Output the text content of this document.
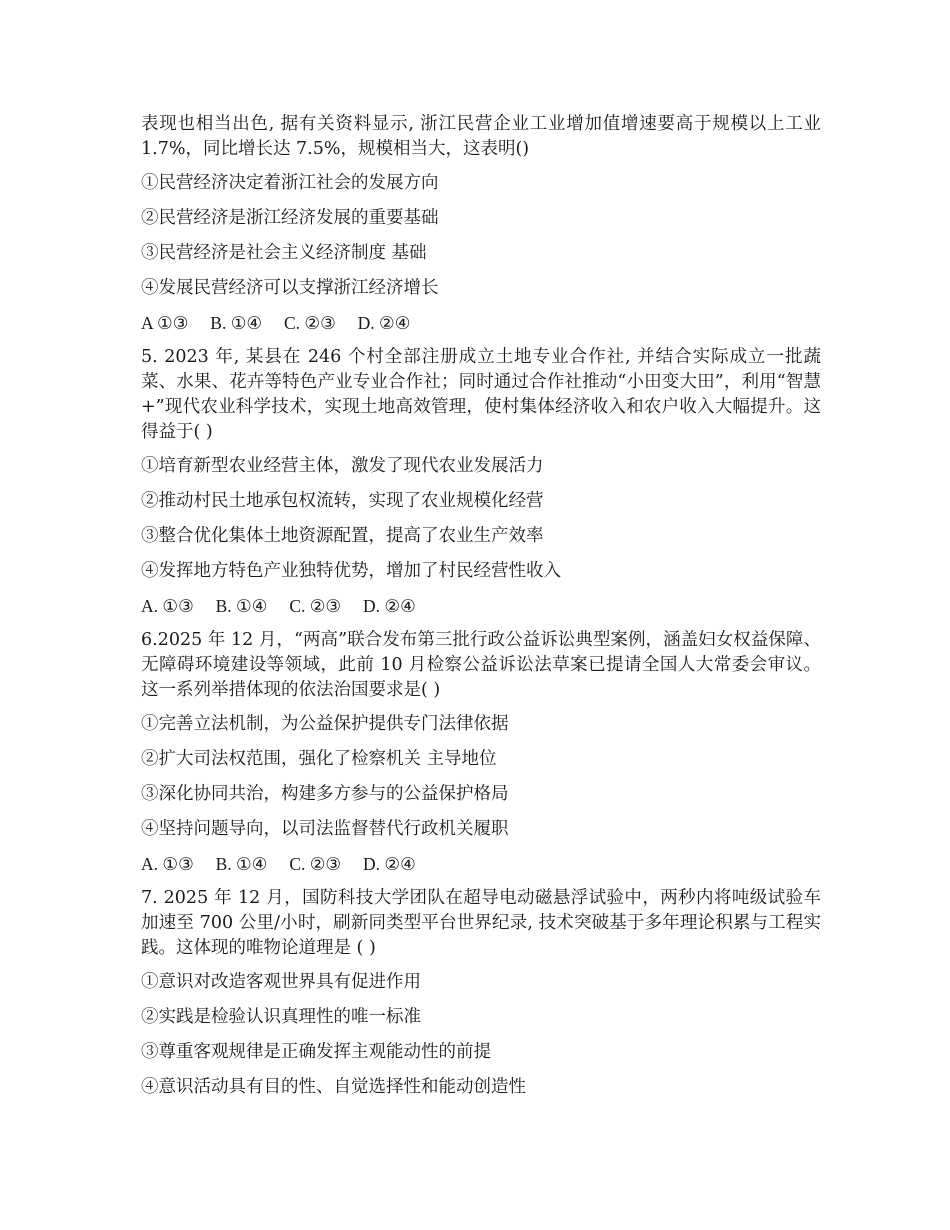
表现也相当出色, 据有关资料显示, 浙江民营企业工业增加值增速要高于规模以上工业 1.7%，同比增长达 7.5%，规模相当大，这表明()

①民营经济决定着浙江社会的发展方向

②民营经济是浙江经济发展的重要基础

③民营经济是社会主义经济制度 基础

④发展民营经济可以支撑浙江经济增长

A ①③     B. ①④     C. ②③     D. ②④

5. 2023 年, 某县在 246 个村全部注册成立土地专业合作社, 并结合实际成立一批蔬菜、水果、花卉等特色产业专业合作社；同时通过合作社推动“小田变大田”，利用“智慧+”现代农业科学技术，实现土地高效管理，使村集体经济收入和农户收入大幅提升。这得益于( )

①培育新型农业经营主体，激发了现代农业发展活力

②推动村民土地承包权流转，实现了农业规模化经营

③整合优化集体土地资源配置，提高了农业生产效率

④发挥地方特色产业独特优势，增加了村民经营性收入

A. ①③     B. ①④     C. ②③     D. ②④

6.2025 年 12 月，“两高”联合发布第三批行政公益诉讼典型案例，涵盖妇女权益保障、无障碍环境建设等领域，此前 10 月检察公益诉讼法草案已提请全国人大常委会审议。这一系列举措体现的依法治国要求是( )

①完善立法机制，为公益保护提供专门法律依据

②扩大司法权范围，强化了检察机关 主导地位

③深化协同共治，构建多方参与的公益保护格局

④坚持问题导向，以司法监督替代行政机关履职

A. ①③     B. ①④     C. ②③     D. ②④

7. 2025 年 12 月，国防科技大学团队在超导电动磁悬浮试验中，两秒内将吨级试验车加速至 700 公里/小时，刷新同类型平台世界纪录, 技术突破基于多年理论积累与工程实践。这体现的唯物论道理是 ( )

①意识对改造客观世界具有促进作用

②实践是检验认识真理性的唯一标准

③尊重客观规律是正确发挥主观能动性的前提

④意识活动具有目的性、自觉选择性和能动创造性
